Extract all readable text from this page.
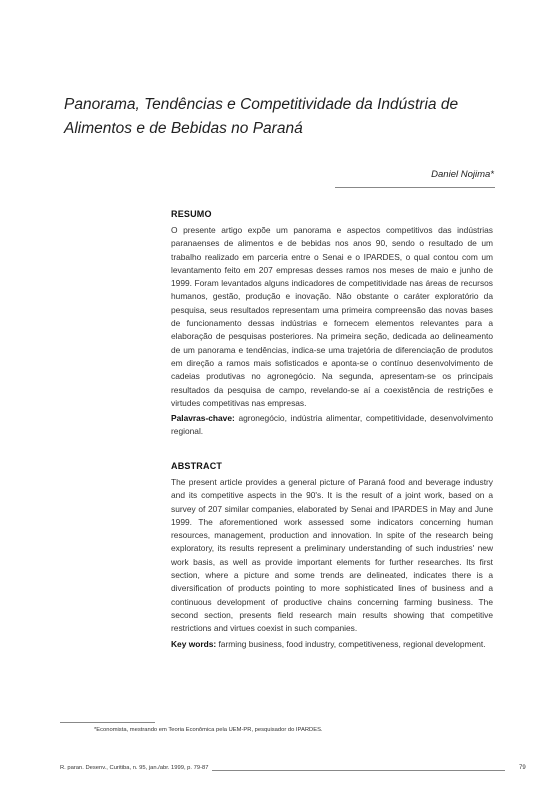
Panorama, Tendências e Competitividade da Indústria de
Alimentos e de Bebidas no Paraná
Daniel Nojima*
RESUMO

O presente artigo expõe um panorama e aspectos competitivos das indústrias paranaenses de alimentos e de bebidas nos anos 90, sendo o resultado de um trabalho realizado em parceria entre o Senai e o IPARDES, o qual contou com um levantamento feito em 207 empresas desses ramos nos meses de maio e junho de 1999. Foram levantados alguns indicadores de competitividade nas áreas de recursos humanos, gestão, produção e inovação. Não obstante o caráter exploratório da pesquisa, seus resultados representam uma primeira compreensão das novas bases de funcionamento dessas indústrias e fornecem elementos relevantes para a elaboração de pesquisas posteriores. Na primeira seção, dedicada ao delineamento de um panorama e tendências, indica-se uma trajetória de diferenciação de produtos em direção a ramos mais sofisticados e aponta-se o contínuo desenvolvimento de cadeias produtivas no agronegócio. Na segunda, apresentam-se os principais resultados da pesquisa de campo, revelando-se aí a coexistência de restrições e virtudes competitivas nas empresas.

Palavras-chave: agronegócio, indústria alimentar, competitividade, desenvolvimento regional.

ABSTRACT

The present article provides a general picture of Paraná food and beverage industry and its competitive aspects in the 90's. It is the result of a joint work, based on a survey of 207 similar companies, elaborated by Senai and IPARDES in May and June 1999. The aforementioned work assessed some indicators concerning human resources, management, production and innovation. In spite of the research being exploratory, its results represent a preliminary understanding of such industries' new work basis, as well as provide important elements for further researches. Its first section, where a picture and some trends are delineated, indicates there is a diversification of products pointing to more sophisticated lines of business and a continuous development of productive chains concerning farming business. The second section, presents field research main results showing that competitive restrictions and virtues coexist in such companies.

Key words: farming business, food industry, competitiveness, regional development.

*Economista, mestrando em Teoria Econômica pela UEM-PR, pesquisador do IPARDES.
R. paran. Desenv., Curitiba, n. 95, jan./abr. 1999, p. 79-87	79
